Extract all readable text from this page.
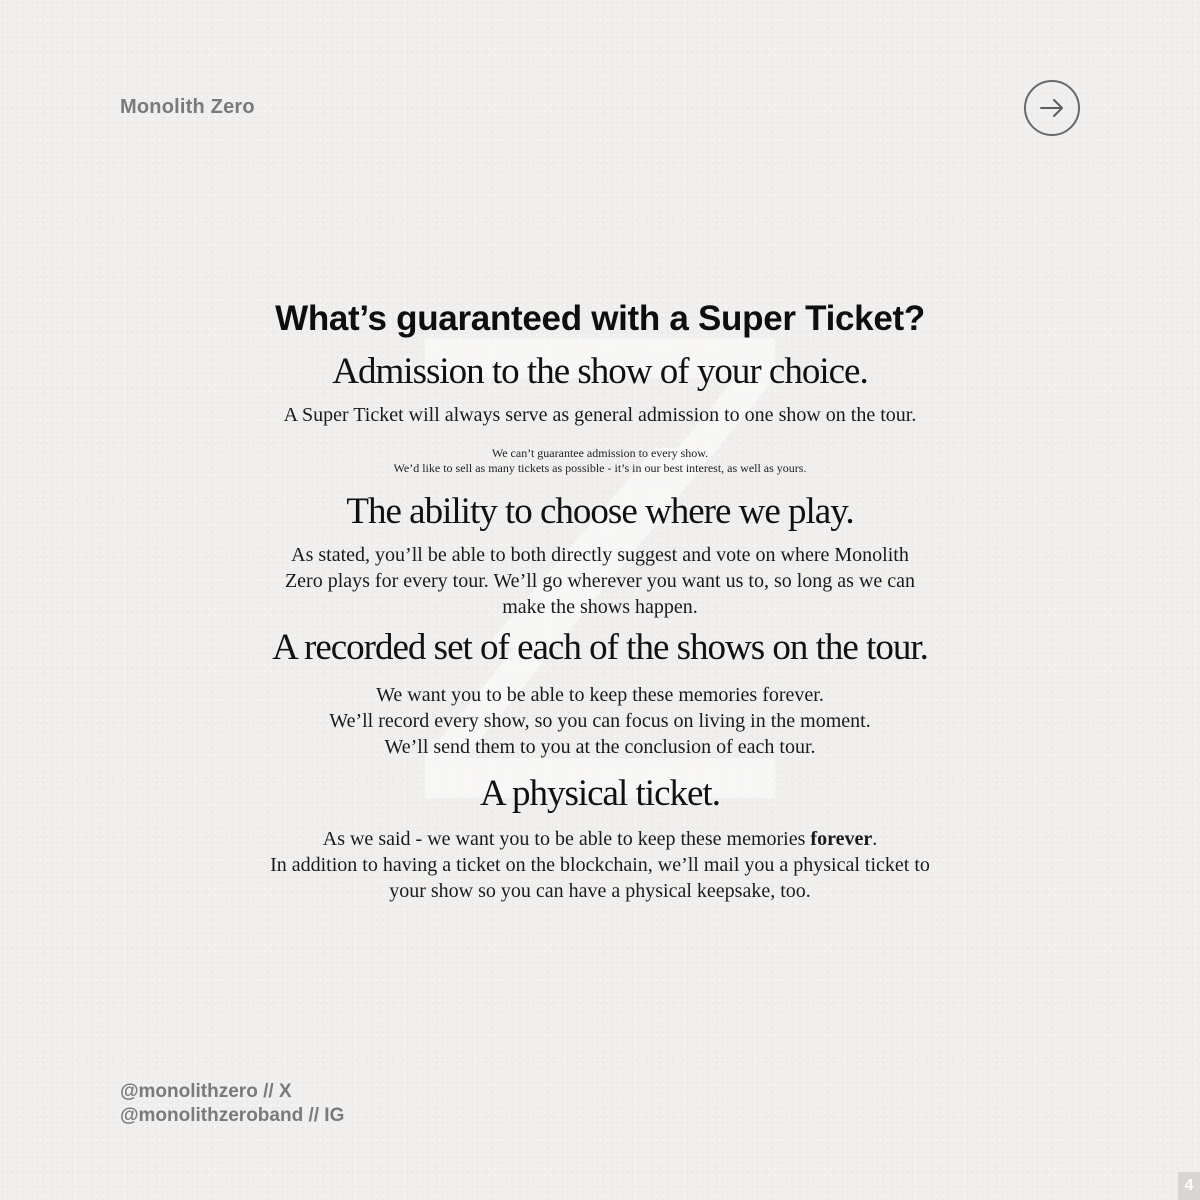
Monolith Zero
What’s guaranteed with a Super Ticket?
Admission to the show of your choice.

A Super Ticket will always serve as general admission to one show on the tour.

We can’t guarantee admission to every show.

We’d like to sell as many tickets as possible - it’s in our best interest, as well as yours.

The ability to choose where we play.

As stated, you’ll be able to both directly suggest and vote on where Monolith

Zero plays for every tour. We’ll go wherever you want us to, so long as we can

make the shows happen.

A recorded set of each of the shows on the tour.

We want you to be able to keep these memories forever.

We’ll record every show, so you can focus on living in the moment.

We’ll send them to you at the conclusion of each tour.

A physical ticket.

As we said - we want you to be able to keep these memories forever.

In addition to having a ticket on the blockchain, we’ll mail you a physical ticket to

your show so you can have a physical keepsake, too.

@monolithzero // X
@monolithzeroband // IG
4
